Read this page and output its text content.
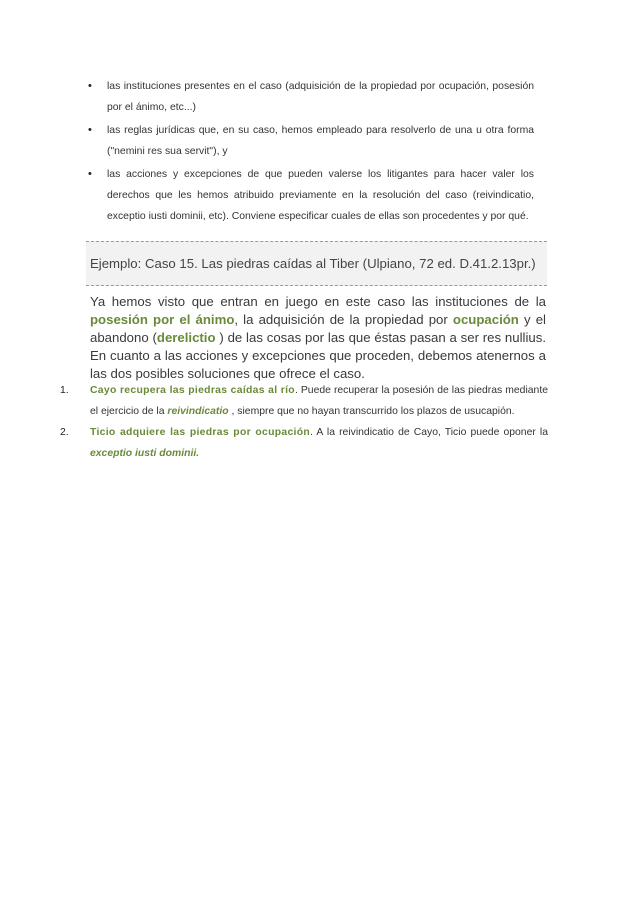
• las instituciones presentes en el caso (adquisición de la propiedad por ocupación, posesión por el ánimo, etc...)
• las reglas jurídicas que, en su caso, hemos empleado para resolverlo de una u otra forma ("nemini res sua servit"), y
• las acciones y excepciones de que pueden valerse los litigantes para hacer valer los derechos que les hemos atribuido previamente en la resolución del caso (reivindicatio, exceptio iusti dominii, etc). Conviene especificar cuales de ellas son procedentes y por qué.
Ejemplo: Caso 15. Las piedras caídas al Tiber (Ulpiano, 72 ed. D.41.2.13pr.)

Ya hemos visto que entran en juego en este caso las instituciones de la posesión por el ánimo, la adquisición de la propiedad por ocupación y el abandono (derelictio ) de las cosas por las que éstas pasan a ser res nullius. En cuanto a las acciones y excepciones que proceden, debemos atenernos a las dos posibles soluciones que ofrece el caso.

1. Cayo recupera las piedras caídas al río. Puede recuperar la posesión de las piedras mediante el ejercicio de la reivindicatio , siempre que no hayan transcurrido los plazos de usucapión.
2. Ticio adquiere las piedras por ocupación. A la reivindicatio de Cayo, Ticio puede oponer la exceptio iusti dominii.
